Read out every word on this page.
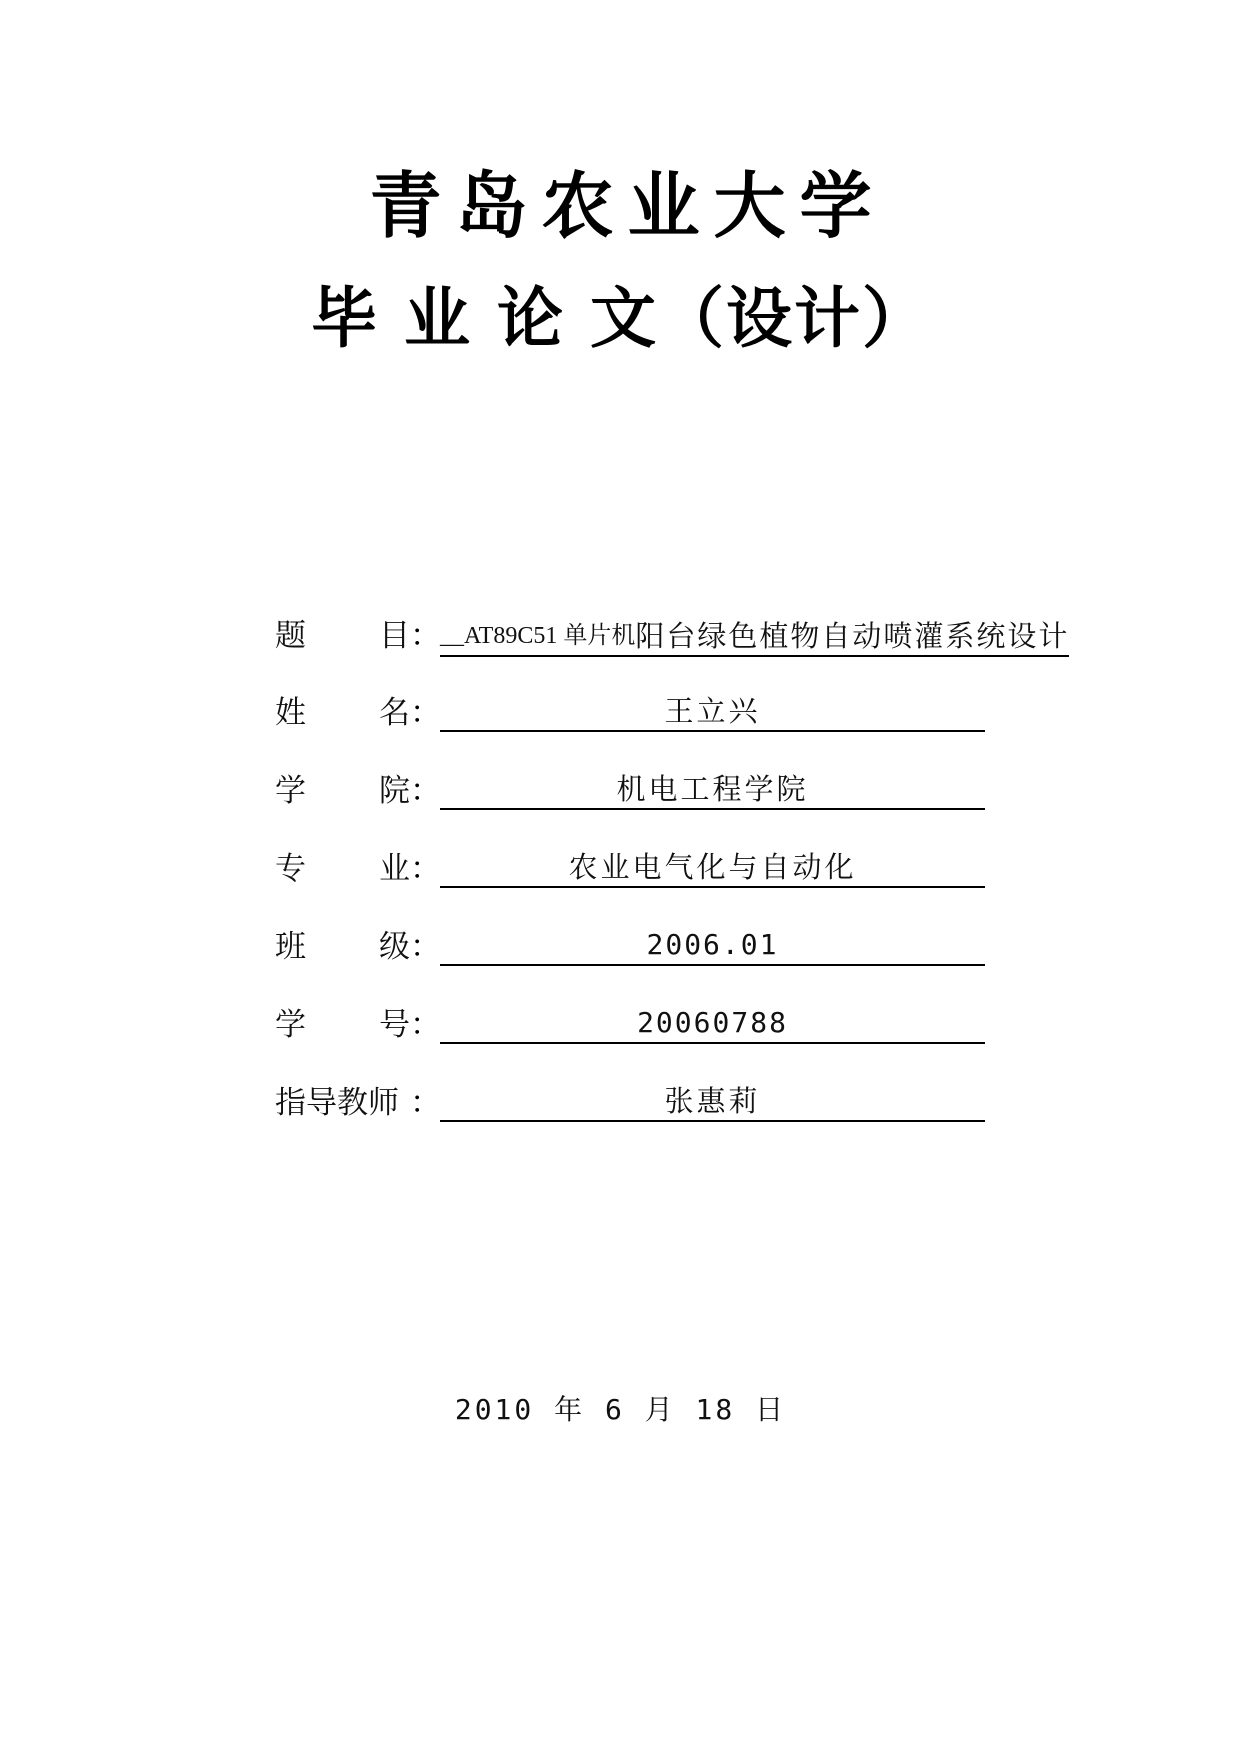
青岛农业大学
毕 业 论 文（设计）
题 目 ： __AT89C51 单片机阳台绿色植物自动喷灌系统设计
姓 名 ：	王立兴
学 院 ：	机电工程学院
专 业 ：	农业电气化与自动化
班 级 ：	2006.01
学 号 ：	20060788
指导教师 ：	张惠莉
2010 年 6 月 18 日
